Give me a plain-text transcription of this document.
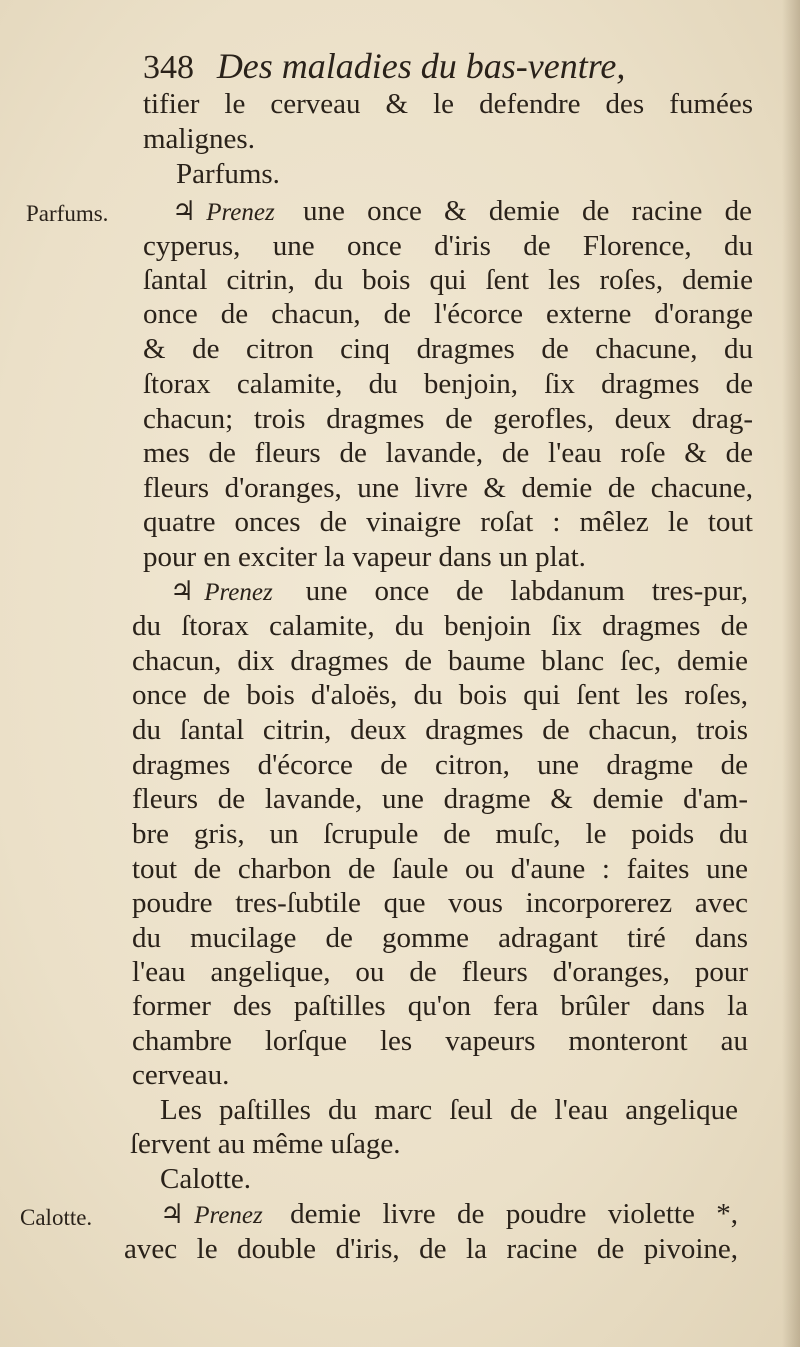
348 Des maladies du bas-ventre,
Parfums.
Calotte.
tifier le cerveau & le defendre des fumées
malignes.
Parfums.
♃ Prenez une once & demie de racine de
cyperus, une once d'iris de Florence, du
ſantal citrin, du bois qui ſent les roſes, demie
once de chacun, de l'écorce externe d'orange
& de citron cinq dragmes de chacune, du
ſtorax calamite, du benjoin, ſix dragmes de
chacun; trois dragmes de gerofles, deux drag-
mes de fleurs de lavande, de l'eau roſe & de
fleurs d'oranges, une livre & demie de chacune,
quatre onces de vinaigre roſat : mêlez le tout
pour en exciter la vapeur dans un plat.
♃ Prenez une once de labdanum tres-pur,
du ſtorax calamite, du benjoin ſix dragmes de
chacun, dix dragmes de baume blanc ſec, demie
once de bois d'aloës, du bois qui ſent les roſes,
du ſantal citrin, deux dragmes de chacun, trois
dragmes d'écorce de citron, une dragme de
fleurs de lavande, une dragme & demie d'am-
bre gris, un ſcrupule de muſc, le poids du
tout de charbon de ſaule ou d'aune : faites une
poudre tres-ſubtile que vous incorporerez avec
du mucilage de gomme adragant tiré dans
l'eau angelique, ou de fleurs d'oranges, pour
former des paſtilles qu'on fera brûler dans la
chambre lorſque les vapeurs monteront au
cerveau.
Les paſtilles du marc ſeul de l'eau angelique
ſervent au même uſage.
Calotte.
♃ Prenez demie livre de poudre violette *,
avec le double d'iris, de la racine de pivoine,
